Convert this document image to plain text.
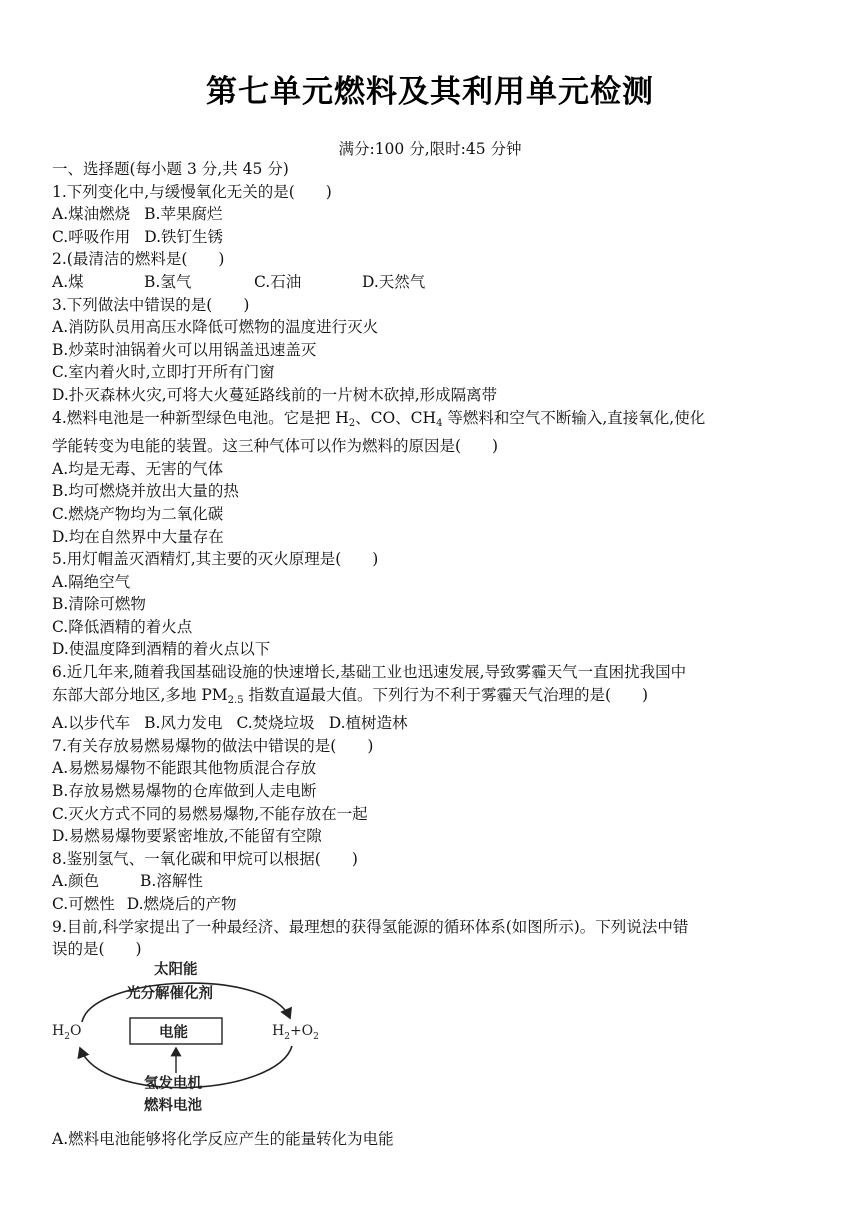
第七单元燃料及其利用单元检测
满分:100 分,限时:45 分钟
一、选择题(每小题 3 分,共 45 分)
1.下列变化中,与缓慢氧化无关的是(　　)
A.煤油燃烧 B.苹果腐烂
C.呼吸作用 D.铁钉生锈
2.(最清洁的燃料是(　　)
A.煤	B.氢气	C.石油	D.天然气
3.下列做法中错误的是(　　)
A.消防队员用高压水降低可燃物的温度进行灭火
B.炒菜时油锅着火可以用锅盖迅速盖灭
C.室内着火时,立即打开所有门窗
D.扑灭森林火灾,可将大火蔓延路线前的一片树木砍掉,形成隔离带
4.燃料电池是一种新型绿色电池。它是把 $H_2$、CO、$CH_4$ 等燃料和空气不断输入,直接氧化,使化
学能转变为电能的装置。这三种气体可以作为燃料的原因是(　　)
A.均是无毒、无害的气体
B.均可燃烧并放出大量的热
C.燃烧产物均为二氧化碳
D.均在自然界中大量存在
5.用灯帽盖灭酒精灯,其主要的灭火原理是(　　)
A.隔绝空气
B.清除可燃物
C.降低酒精的着火点
D.使温度降到酒精的着火点以下
6.近几年来,随着我国基础设施的快速增长,基础工业也迅速发展,导致雾霾天气一直困扰我国中
东部大部分地区,多地 $PM_{2.5}$ 指数直逼最大值。下列行为不利于雾霾天气治理的是(　　)
A.以步代车 B.风力发电 C.焚烧垃圾 D.植树造林
7.有关存放易燃易爆物的做法中错误的是(　　)
A.易燃易爆物不能跟其他物质混合存放
B.存放易燃易爆物的仓库做到人走电断
C.灭火方式不同的易燃易爆物,不能存放在一起
D.易燃易爆物要紧密堆放,不能留有空隙
8.鉴别氢气、一氧化碳和甲烷可以根据(　　)
A.颜色	B.溶解性
C.可燃性 D.燃烧后的产物
9.目前,科学家提出了一种最经济、最理想的获得氢能源的循环体系(如图所示)。下列说法中错
误的是(　　)
太阳能
光分解催化剂
$H_2O$	$H_2+O_2$
电能
氢发电机
燃料电池
A.燃料电池能够将化学反应产生的能量转化为电能
